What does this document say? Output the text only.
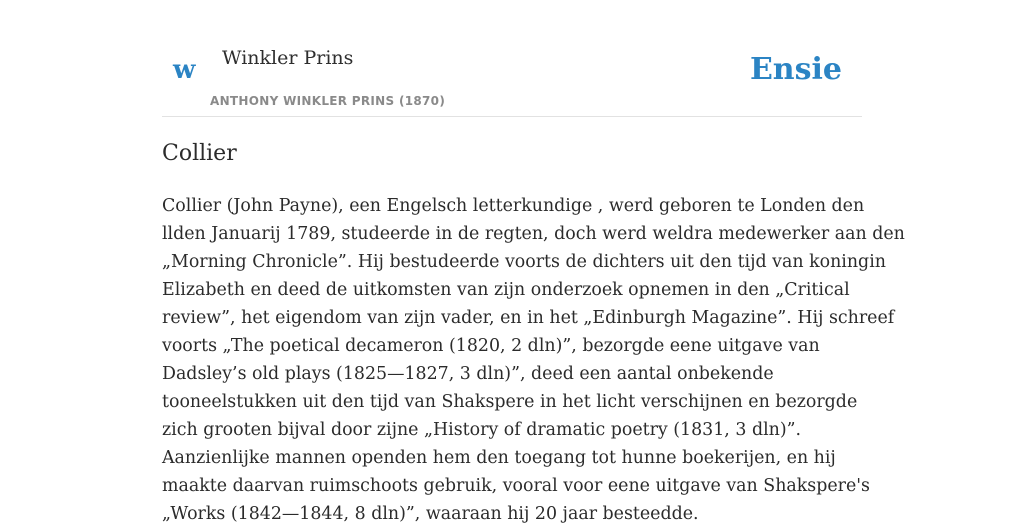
w Winkler Prins
ANTHONY WINKLER PRINS (1870)
Ensie
Collier
Collier (John Payne), een Engelsch letterkundige , werd geboren te Londen den
llden Januarij 1789, studeerde in de regten, doch werd weldra medewerker aan den
„Morning Chronicle”. Hij bestudeerde voorts de dichters uit den tijd van koningin
Elizabeth en deed de uitkomsten van zijn onderzoek opnemen in den „Critical
review”, het eigendom van zijn vader, en in het „Edinburgh Magazine”. Hij schreef
voorts „The poetical decameron (1820, 2 dln)”, bezorgde eene uitgave van
Dadsley’s old plays (1825—1827, 3 dln)”, deed een aantal onbekende
tooneelstukken uit den tijd van Shakspere in het licht verschijnen en bezorgde
zich grooten bijval door zijne „History of dramatic poetry (1831, 3 dln)”.
Aanzienlijke mannen openden hem den toegang tot hunne boekerijen, en hij
maakte daarvan ruimschoots gebruik, vooral voor eene uitgave van Shakspere's
„Works (1842—1844, 8 dln)”, waaraan hij 20 jaar besteedde.
